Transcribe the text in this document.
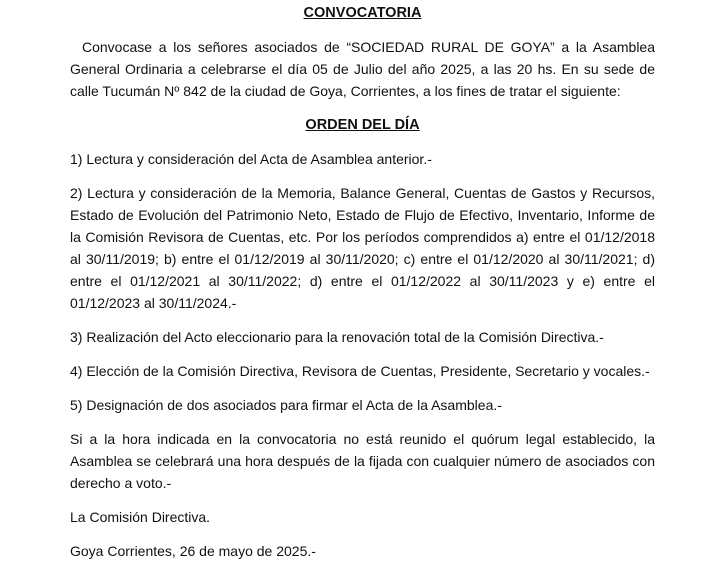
CONVOCATORIA

Convocase a los señores asociados de “SOCIEDAD RURAL DE GOYA” a la Asamblea General Ordinaria a celebrarse el día 05 de Julio del año 2025, a las 20 hs. En su sede de calle Tucumán Nº 842 de la ciudad de Goya, Corrientes, a los fines de tratar el siguiente:

ORDEN DEL DÍA

1) Lectura y consideración del Acta de Asamblea anterior.-

2) Lectura y consideración de la Memoria, Balance General, Cuentas de Gastos y Recursos, Estado de Evolución del Patrimonio Neto, Estado de Flujo de Efectivo, Inventario, Informe de la Comisión Revisora de Cuentas, etc. Por los períodos comprendidos a) entre el 01/12/2018 al 30/11/2019; b) entre el 01/12/2019 al 30/11/2020; c) entre el 01/12/2020 al 30/11/2021; d) entre el 01/12/2021 al 30/11/2022; d) entre el 01/12/2022 al 30/11/2023 y e) entre el 01/12/2023 al 30/11/2024.-

3) Realización del Acto eleccionario para la renovación total de la Comisión Directiva.-

4) Elección de la Comisión Directiva, Revisora de Cuentas, Presidente, Secretario y vocales.-

5) Designación de dos asociados para firmar el Acta de la Asamblea.-

Si a la hora indicada en la convocatoria no está reunido el quórum legal establecido, la Asamblea se celebrará una hora después de la fijada con cualquier número de asociados con derecho a voto.-

La Comisión Directiva.

Goya Corrientes, 26 de mayo de 2025.-
